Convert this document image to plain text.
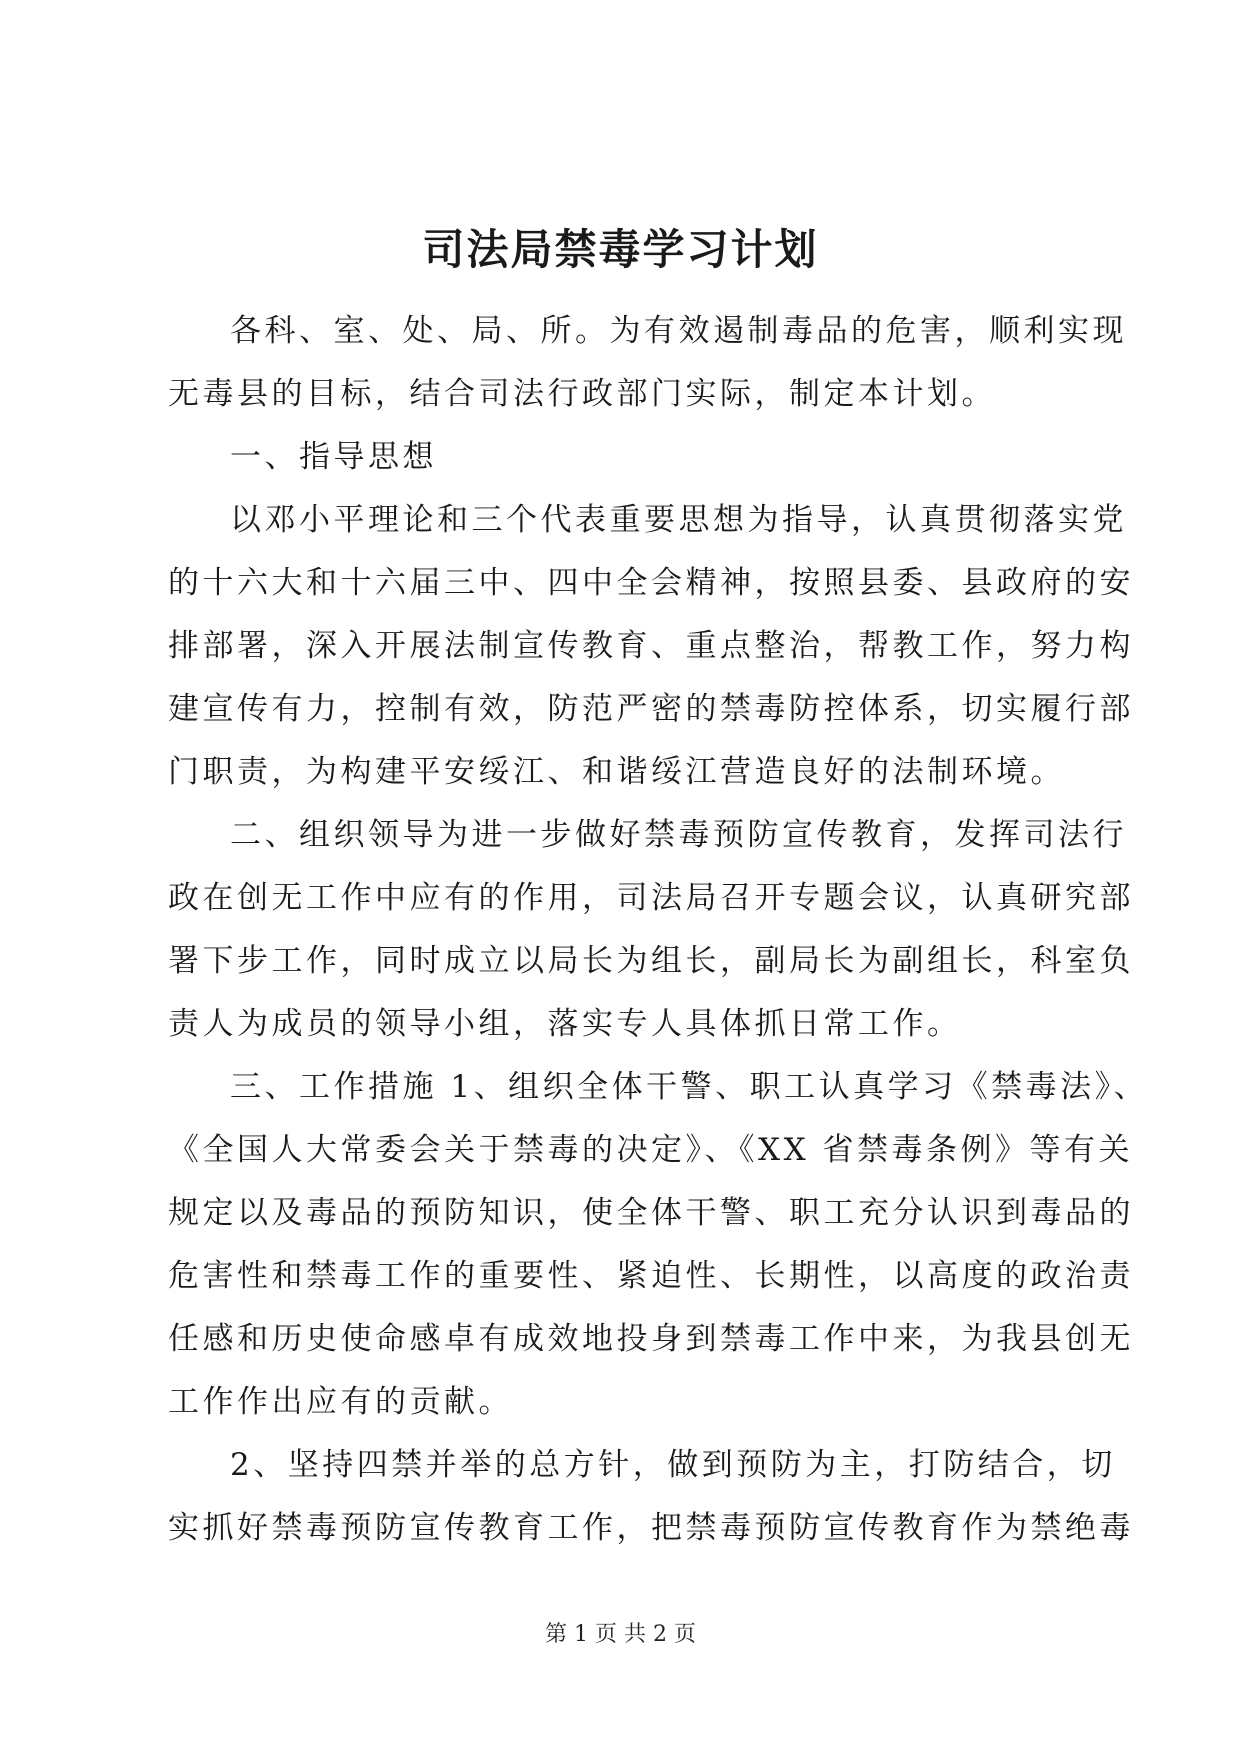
司法局禁毒学习计划
各科、室、处、局、所。为有效遏制毒品的危害，顺利实现
无毒县的目标，结合司法行政部门实际，制定本计划。
一、指导思想
以邓小平理论和三个代表重要思想为指导，认真贯彻落实党
的十六大和十六届三中、四中全会精神，按照县委、县政府的安
排部署，深入开展法制宣传教育、重点整治，帮教工作，努力构
建宣传有力，控制有效，防范严密的禁毒防控体系，切实履行部
门职责，为构建平安绥江、和谐绥江营造良好的法制环境。
二、组织领导为进一步做好禁毒预防宣传教育，发挥司法行
政在创无工作中应有的作用，司法局召开专题会议，认真研究部
署下步工作，同时成立以局长为组长，副局长为副组长，科室负
责人为成员的领导小组，落实专人具体抓日常工作。
三、工作措施 1、组织全体干警、职工认真学习《禁毒法》、
《全国人大常委会关于禁毒的决定》、《XX 省禁毒条例》等有关
规定以及毒品的预防知识，使全体干警、职工充分认识到毒品的
危害性和禁毒工作的重要性、紧迫性、长期性，以高度的政治责
任感和历史使命感卓有成效地投身到禁毒工作中来，为我县创无
工作作出应有的贡献。
2、坚持四禁并举的总方针，做到预防为主，打防结合，切
实抓好禁毒预防宣传教育工作，把禁毒预防宣传教育作为禁绝毒
第 1 页 共 2 页
